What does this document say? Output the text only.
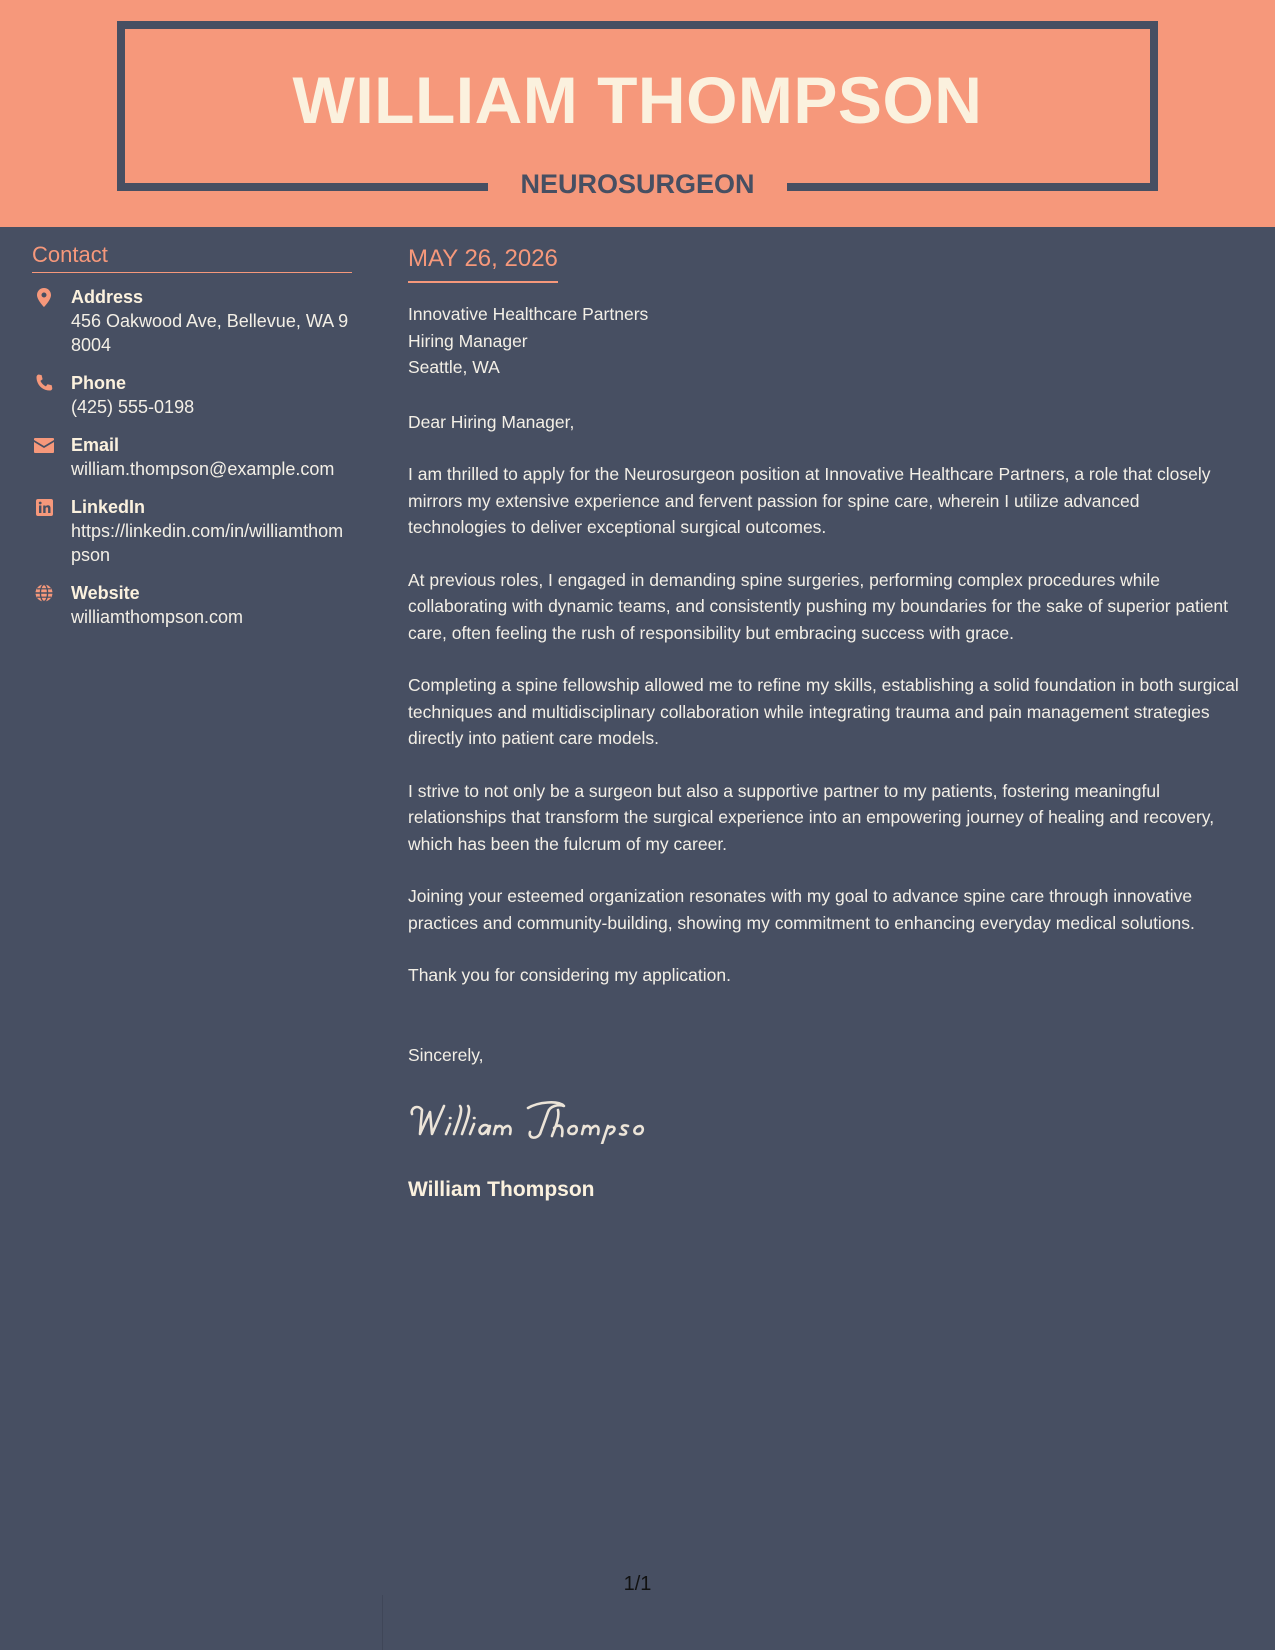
WILLIAM THOMPSON
NEUROSURGEON
Contact
Address
456 Oakwood Ave, Bellevue, WA 98004
Phone
(425) 555-0198
Email
william.thompson@example.com
LinkedIn
https://linkedin.com/in/williamthompson
Website
williamthompson.com
MAY 26, 2026
Innovative Healthcare Partners
Hiring Manager
Seattle, WA
Dear Hiring Manager,
I am thrilled to apply for the Neurosurgeon position at Innovative Healthcare Partners, a role that closely mirrors my extensive experience and fervent passion for spine care, wherein I utilize advanced technologies to deliver exceptional surgical outcomes.
At previous roles, I engaged in demanding spine surgeries, performing complex procedures while collaborating with dynamic teams, and consistently pushing my boundaries for the sake of superior patient care, often feeling the rush of responsibility but embracing success with grace.
Completing a spine fellowship allowed me to refine my skills, establishing a solid foundation in both surgical techniques and multidisciplinary collaboration while integrating trauma and pain management strategies directly into patient care models.
I strive to not only be a surgeon but also a supportive partner to my patients, fostering meaningful relationships that transform the surgical experience into an empowering journey of healing and recovery, which has been the fulcrum of my career.
Joining your esteemed organization resonates with my goal to advance spine care through innovative practices and community-building, showing my commitment to enhancing everyday medical solutions.
Thank you for considering my application.
Sincerely,
William Thompson
1/1
